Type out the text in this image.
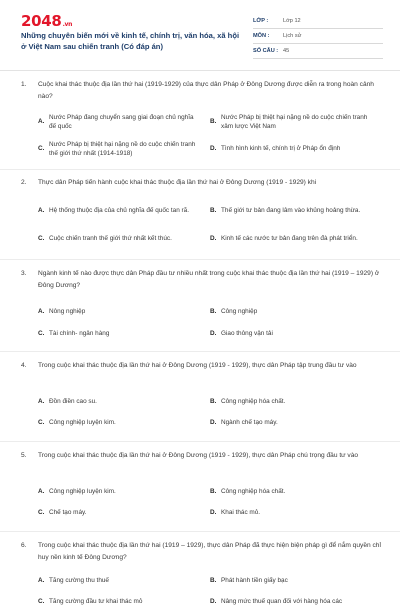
2048.vn
Những chuyên biến mới về kinh tế, chính trị, văn hóa, xã hội ở Việt Nam sau chiến tranh (Có đáp án)
LỚP :	Lớp 12
MÔN :	Lịch sử
SỐ CÂU : 45
1.	Cuộc khai thác thuộc địa lần thứ hai (1919-1929) của thực dân Pháp ở Đông Dương được diễn ra trong hoàn cảnh nào?
A.
Nước Pháp đang chuyển sang giai đoạn chủ nghĩa đế quốc
B.
Nước Pháp bị thiệt hại nặng nề do cuộc chiến tranh xâm lược Việt Nam
C.
Nước Pháp bị thiệt hại nặng nề do cuộc chiến tranh thế giới thứ nhất (1914-1918)
D. Tình hình kinh tế, chính trị ở Pháp ổn định
2.	Thực dân Pháp tiến hành cuộc khai thác thuộc địa lần thứ hai ở Đông Dương (1919 - 1929) khi
A. Hệ thống thuộc địa của chủ nghĩa đế quốc tan rã.	B. Thế giới tư bản đang lâm vào khủng hoảng thừa.
C. Cuộc chiến tranh thế giới thứ nhất kết thúc.	D. Kinh tế các nước tư bản đang trên đà phát triển.
3.	Ngành kinh tế nào được thực dân Pháp đầu tư nhiều nhất trong cuộc khai thác thuộc địa lần thứ hai (1919 – 1929) ở Đông Dương?
A. Nông nghiệp	B. Công nghiệp
C. Tài chính- ngân hàng	D. Giao thông vận tải
4.	Trong cuộc khai thác thuộc địa lần thứ hai ở Đông Dương (1919 - 1929), thực dân Pháp tập trung đầu tư vào
A. Đồn điền cao su.	B. Công nghiệp hóa chất.
C. Công nghiệp luyện kim.	D. Ngành chế tạo máy.
5.	Trong cuộc khai thác thuộc địa lần thứ hai ở Đông Dương (1919 - 1929), thực dân Pháp chú trọng đầu tư vào
A. Công nghiệp luyện kim.	B. Công nghiệp hóa chất.
C. Chế tạo máy.	D. Khai thác mỏ.
6.	Trong cuộc khai thác thuộc địa lần thứ hai (1919 – 1929), thực dân Pháp đã thực hiện biện pháp gì để nắm quyền chỉ huy nền kinh tế Đông Dương?
A. Tăng cường thu thuế	B. Phát hành tiền giấy bạc
C. Tăng cường đầu tư khai thác mỏ	D. Nâng mức thuế quan đối với hàng hóa các
